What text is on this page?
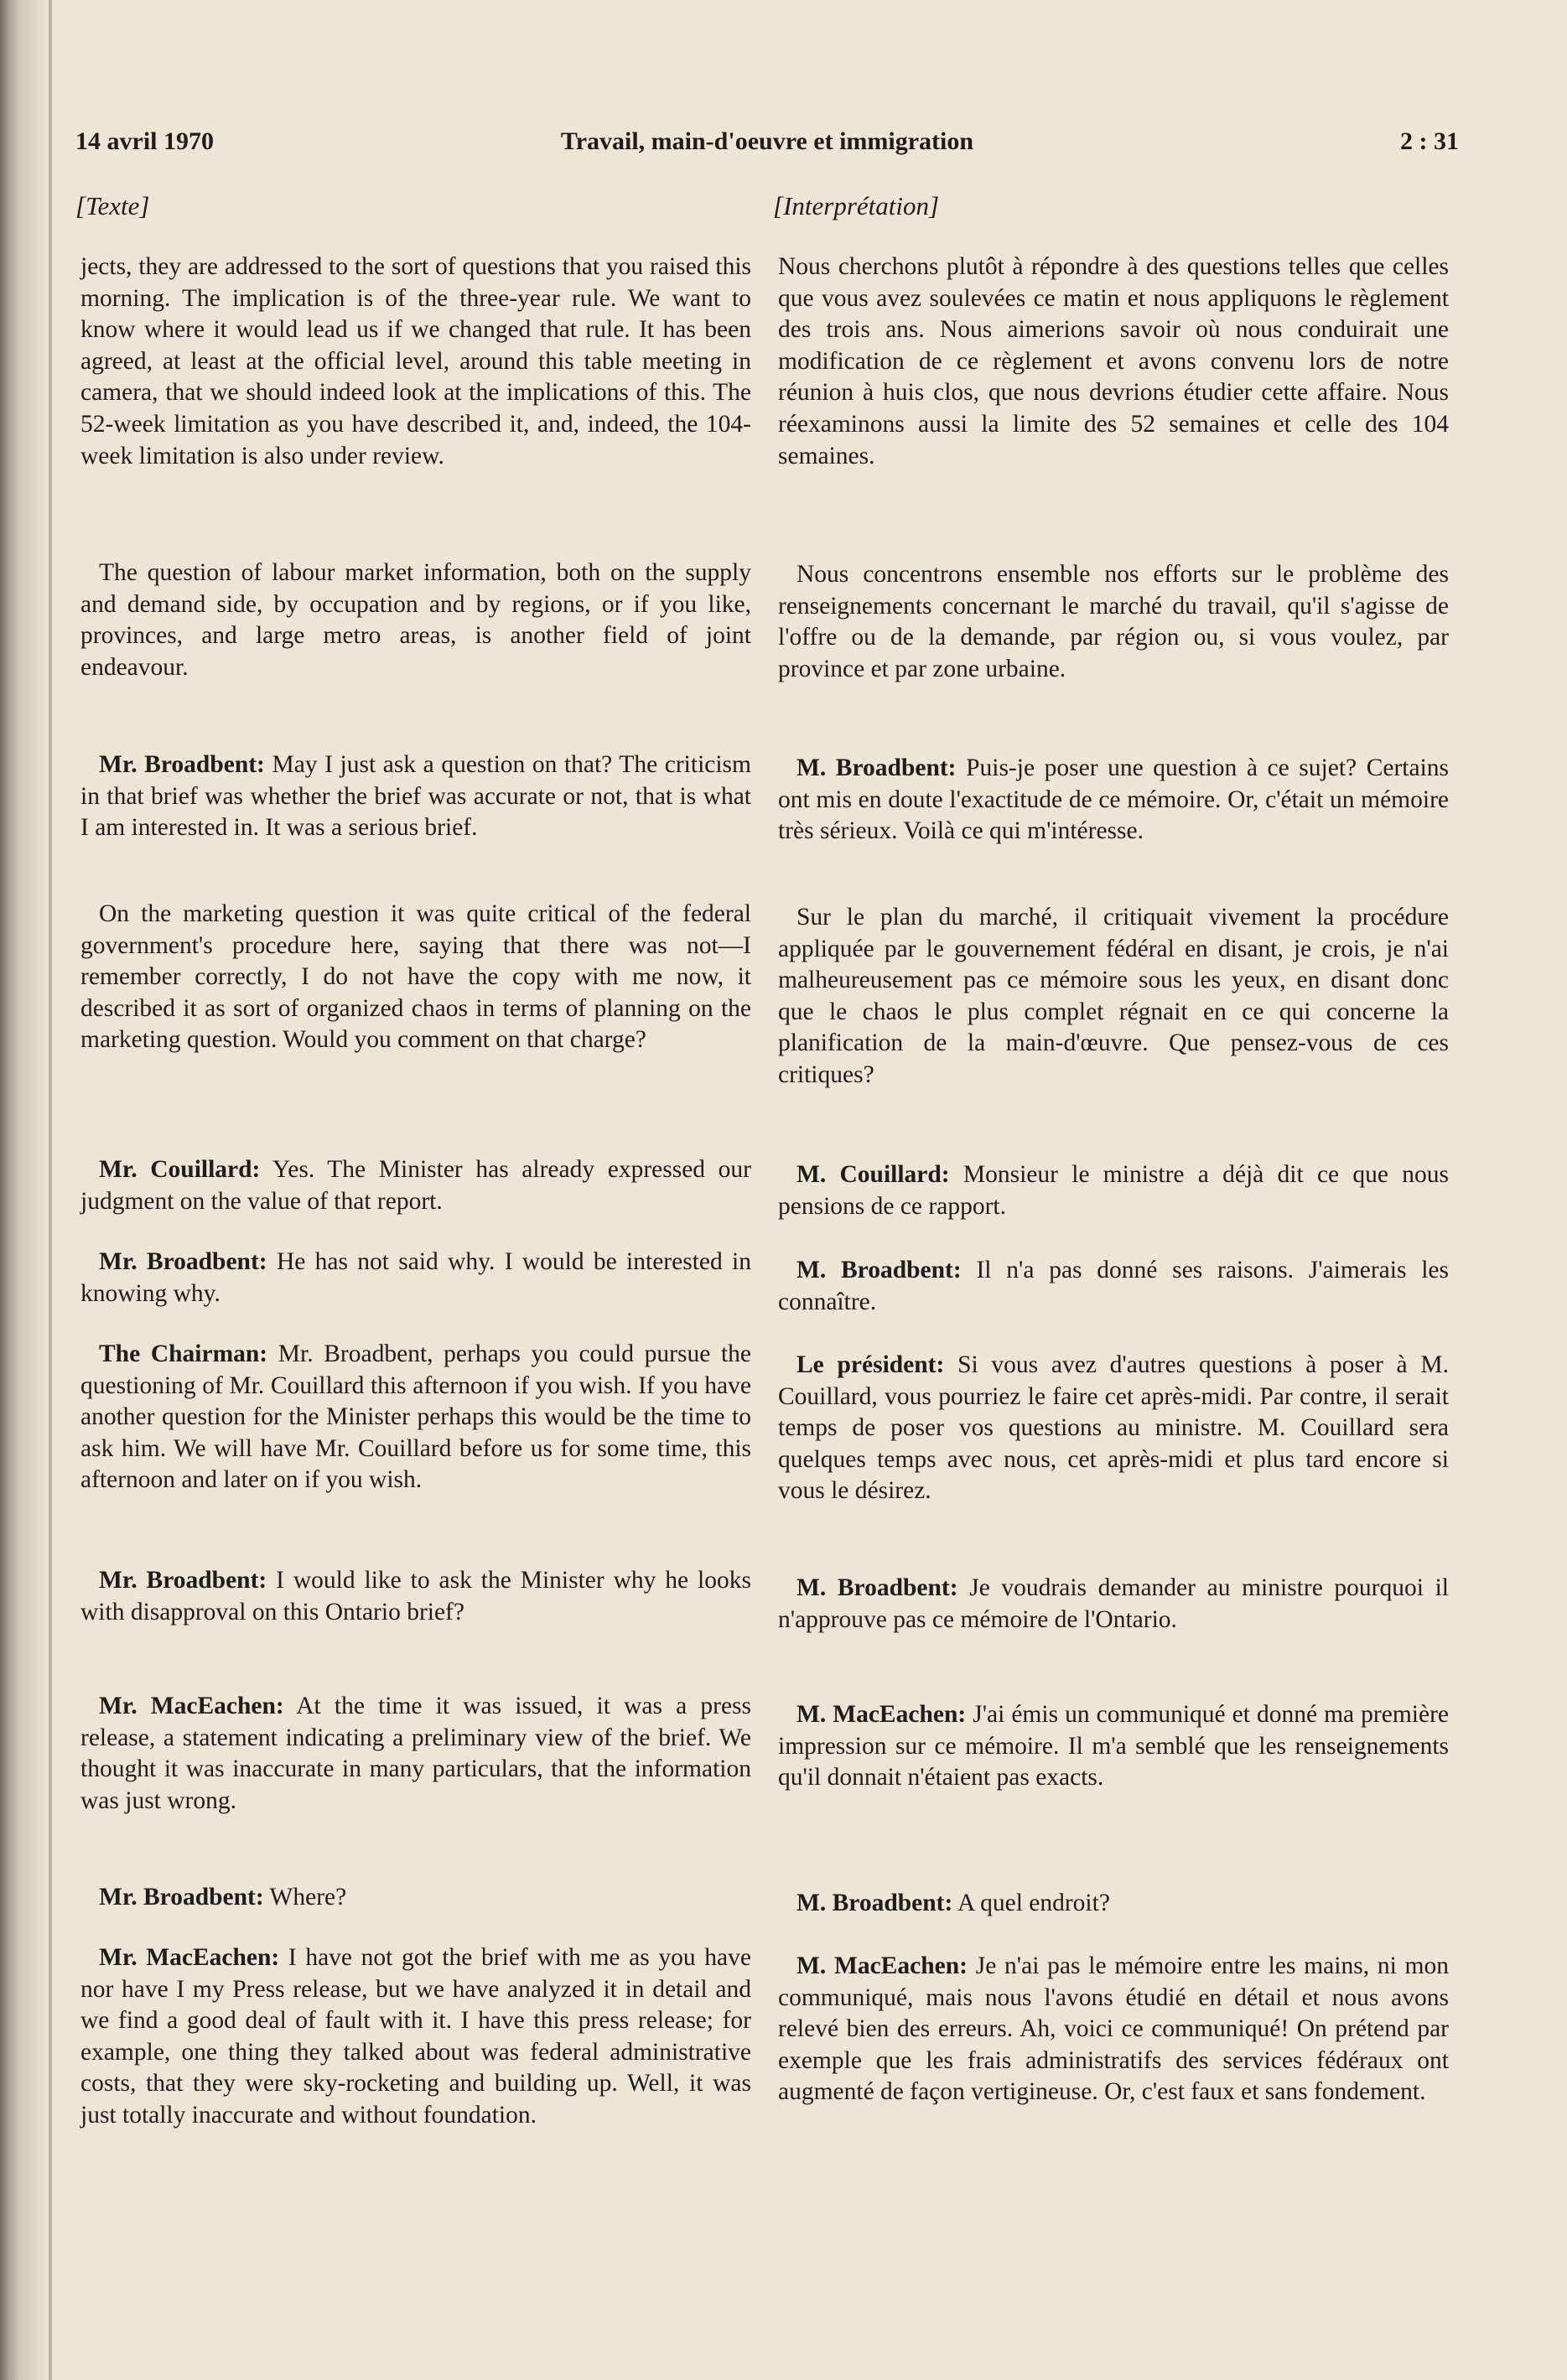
14 avril 1970	Travail, main-d'oeuvre et immigration	2 : 31
[Texte]	[Interprétation]

jects, they are addressed to the sort of questions that you raised this morning. The implication is of the three-year rule. We want to know where it would lead us if we changed that rule. It has been agreed, at least at the official level, around this table meeting in camera, that we should indeed look at the implications of this. The 52-week limitation as you have described it, and, indeed, the 104-week limitation is also under review.

The question of labour market information, both on the supply and demand side, by occupation and by regions, or if you like, provinces, and large metro areas, is another field of joint endeavour.

Mr. Broadbent: May I just ask a question on that? The criticism in that brief was whether the brief was accurate or not, that is what I am interested in. It was a serious brief.

On the marketing question it was quite critical of the federal government's procedure here, saying that there was not—I remember correctly, I do not have the copy with me now, it described it as sort of organized chaos in terms of planning on the marketing question. Would you comment on that charge?

Mr. Couillard: Yes. The Minister has already expressed our judgment on the value of that report.

Mr. Broadbent: He has not said why. I would be interested in knowing why.

The Chairman: Mr. Broadbent, perhaps you could pursue the questioning of Mr. Couillard this afternoon if you wish. If you have another question for the Minister perhaps this would be the time to ask him. We will have Mr. Couillard before us for some time, this afternoon and later on if you wish.

Mr. Broadbent: I would like to ask the Minister why he looks with disapproval on this Ontario brief?

Mr. MacEachen: At the time it was issued, it was a press release, a statement indicating a preliminary view of the brief. We thought it was inaccurate in many particulars, that the information was just wrong.

Mr. Broadbent: Where?

Mr. MacEachen: I have not got the brief with me as you have nor have I my Press release, but we have analyzed it in detail and we find a good deal of fault with it. I have this press release; for example, one thing they talked about was federal administrative costs, that they were sky-rocketing and building up. Well, it was just totally inaccurate and without foundation.

Nous cherchons plutôt à répondre à des questions telles que celles que vous avez soulevées ce matin et nous appliquons le règlement des trois ans. Nous aimerions savoir où nous conduirait une modification de ce règlement et avons convenu lors de notre réunion à huis clos, que nous devrions étudier cette affaire. Nous réexaminons aussi la limite des 52 semaines et celle des 104 semaines.

Nous concentrons ensemble nos efforts sur le problème des renseignements concernant le marché du travail, qu'il s'agisse de l'offre ou de la demande, par région ou, si vous voulez, par province et par zone urbaine.

M. Broadbent: Puis-je poser une question à ce sujet? Certains ont mis en doute l'exactitude de ce mémoire. Or, c'était un mémoire très sérieux. Voilà ce qui m'intéresse.

Sur le plan du marché, il critiquait vivement la procédure appliquée par le gouvernement fédéral en disant, je crois, je n'ai malheureusement pas ce mémoire sous les yeux, en disant donc que le chaos le plus complet régnait en ce qui concerne la planification de la main-d'œuvre. Que pensez-vous de ces critiques?

M. Couillard: Monsieur le ministre a déjà dit ce que nous pensions de ce rapport.

M. Broadbent: Il n'a pas donné ses raisons. J'aimerais les connaître.

Le président: Si vous avez d'autres questions à poser à M. Couillard, vous pourriez le faire cet après-midi. Par contre, il serait temps de poser vos questions au ministre. M. Couillard sera quelques temps avec nous, cet après-midi et plus tard encore si vous le désirez.

M. Broadbent: Je voudrais demander au ministre pourquoi il n'approuve pas ce mémoire de l'Ontario.

M. MacEachen: J'ai émis un communiqué et donné ma première impression sur ce mémoire. Il m'a semblé que les renseignements qu'il donnait n'étaient pas exacts.

M. Broadbent: A quel endroit?

M. MacEachen: Je n'ai pas le mémoire entre les mains, ni mon communiqué, mais nous l'avons étudié en détail et nous avons relevé bien des erreurs. Ah, voici ce communiqué! On prétend par exemple que les frais administratifs des services fédéraux ont augmenté de façon vertigineuse. Or, c'est faux et sans fondement.
